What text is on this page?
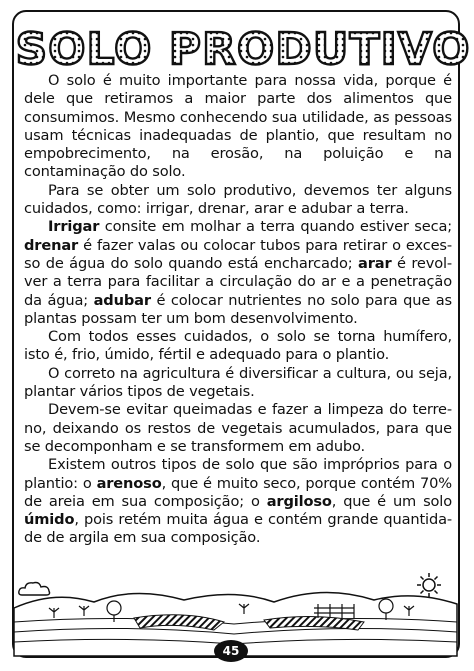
SOLO PRODUTIVO

O solo é muito importante para nossa vida, porque é dele que retiramos a maior parte dos alimentos que consumimos. Mesmo conhecendo sua utilidade, as pessoas usam técnicas inadequadas de plantio, que resultam no empobrecimento, na erosão, na poluição e na contaminação do solo.

Para se obter um solo produtivo, devemos ter alguns cuidados, como: irrigar, drenar, arar e adubar a terra.

Irrigar consite em molhar a terra quando estiver seca; drenar é fazer valas ou colocar tubos para retirar o exces-so de água do solo quando está encharcado; arar é revol-ver a terra para facilitar a circulação do ar e a penetração da água; adubar é colocar nutrientes no solo para que as plantas possam ter um bom desenvolvimento.

Com todos esses cuidados, o solo se torna humífero, isto é, frio, úmido, fértil e adequado para o plantio.

O correto na agricultura é diversificar a cultura, ou seja, plantar vários tipos de vegetais.

Devem-se evitar queimadas e fazer a limpeza do terre-no, deixando os restos de vegetais acumulados, para que se decomponham e se transformem em adubo.

Existem outros tipos de solo que são impróprios para o plantio: o arenoso, que é muito seco, porque contém 70% de areia em sua composição; o argiloso, que é um solo úmido, pois retém muita água e contém grande quantida-de de argila em sua composição.

45
